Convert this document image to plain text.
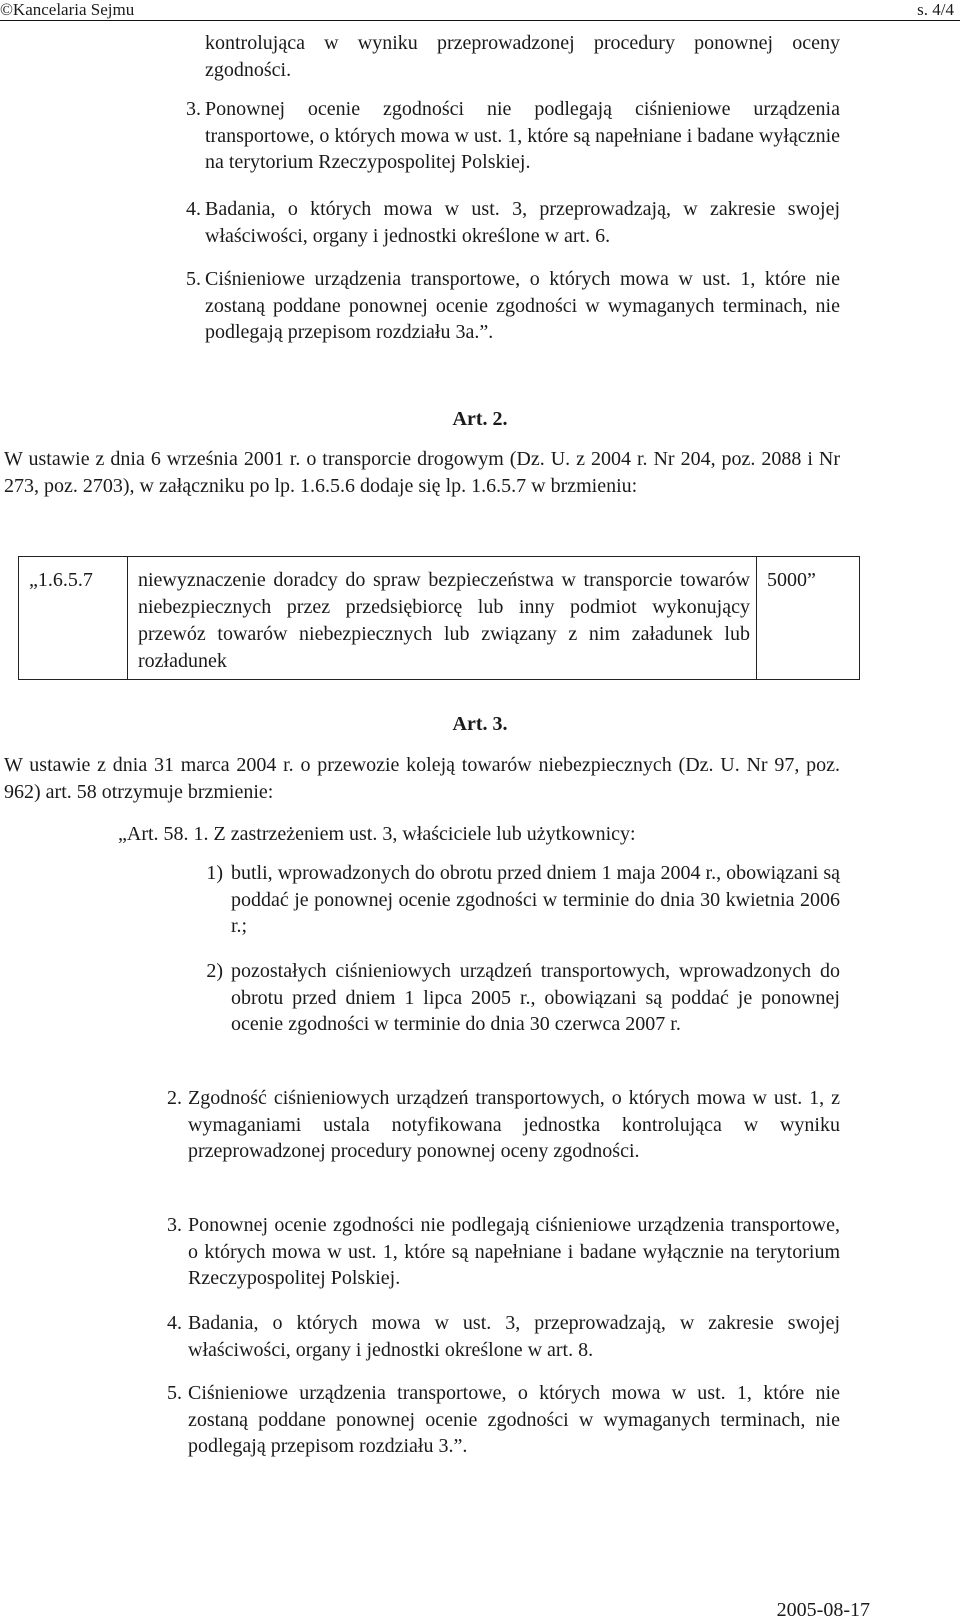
©Kancelaria Sejmu	s. 4/4

kontrolująca w wyniku przeprowadzonej procedury ponownej oceny zgodności.

3. Ponownej ocenie zgodności nie podlegają ciśnieniowe urządzenia transportowe, o których mowa w ust. 1, które są napełniane i badane wyłącznie na terytorium Rzeczypospolitej Polskiej.
4. Badania, o których mowa w ust. 3, przeprowadzają, w zakresie swojej właściwości, organy i jednostki określone w art. 6.
5. Ciśnieniowe urządzenia transportowe, o których mowa w ust. 1, które nie zostaną poddane ponownej ocenie zgodności w wymaganych terminach, nie podlegają przepisom rozdziału 3a.”.
Art. 2.

W ustawie z dnia 6 września 2001 r. o transporcie drogowym (Dz. U. z 2004 r. Nr 204, poz. 2088 i Nr 273, poz. 2703), w załączniku po lp. 1.6.5.6 dodaje się lp. 1.6.5.7 w brzmieniu:

„1.6.5.7	niewyznaczenie doradcy do spraw bezpieczeństwa w transporcie towarów niebezpiecznych przez przedsiębiorcę lub inny podmiot wykonujący przewóz towarów niebezpiecznych lub związany z nim załadunek lub rozładunek	5000”
Art. 3.

W ustawie z dnia 31 marca 2004 r. o przewozie koleją towarów niebezpiecznych (Dz. U. Nr 97, poz. 962) art. 58 otrzymuje brzmienie:

„Art. 58. 1. Z zastrzeżeniem ust. 3, właściciele lub użytkownicy:

1) butli, wprowadzonych do obrotu przed dniem 1 maja 2004 r., obowiązani są poddać je ponownej ocenie zgodności w terminie do dnia 30 kwietnia 2006 r.;
2) pozostałych ciśnieniowych urządzeń transportowych, wprowadzonych do obrotu przed dniem 1 lipca 2005 r., obowiązani są poddać je ponownej ocenie zgodności w terminie do dnia 30 czerwca 2007 r.
2. Zgodność ciśnieniowych urządzeń transportowych, o których mowa w ust. 1, z wymaganiami ustala notyfikowana jednostka kontrolująca w wyniku przeprowadzonej procedury ponownej oceny zgodności.
3. Ponownej ocenie zgodności nie podlegają ciśnieniowe urządzenia transportowe, o których mowa w ust. 1, które są napełniane i badane wyłącznie na terytorium Rzeczypospolitej Polskiej.
4. Badania, o których mowa w ust. 3, przeprowadzają, w zakresie swojej właściwości, organy i jednostki określone w art. 8.
5. Ciśnieniowe urządzenia transportowe, o których mowa w ust. 1, które nie zostaną poddane ponownej ocenie zgodności w wymaganych terminach, nie podlegają przepisom rozdziału 3.”.
2005-08-17
